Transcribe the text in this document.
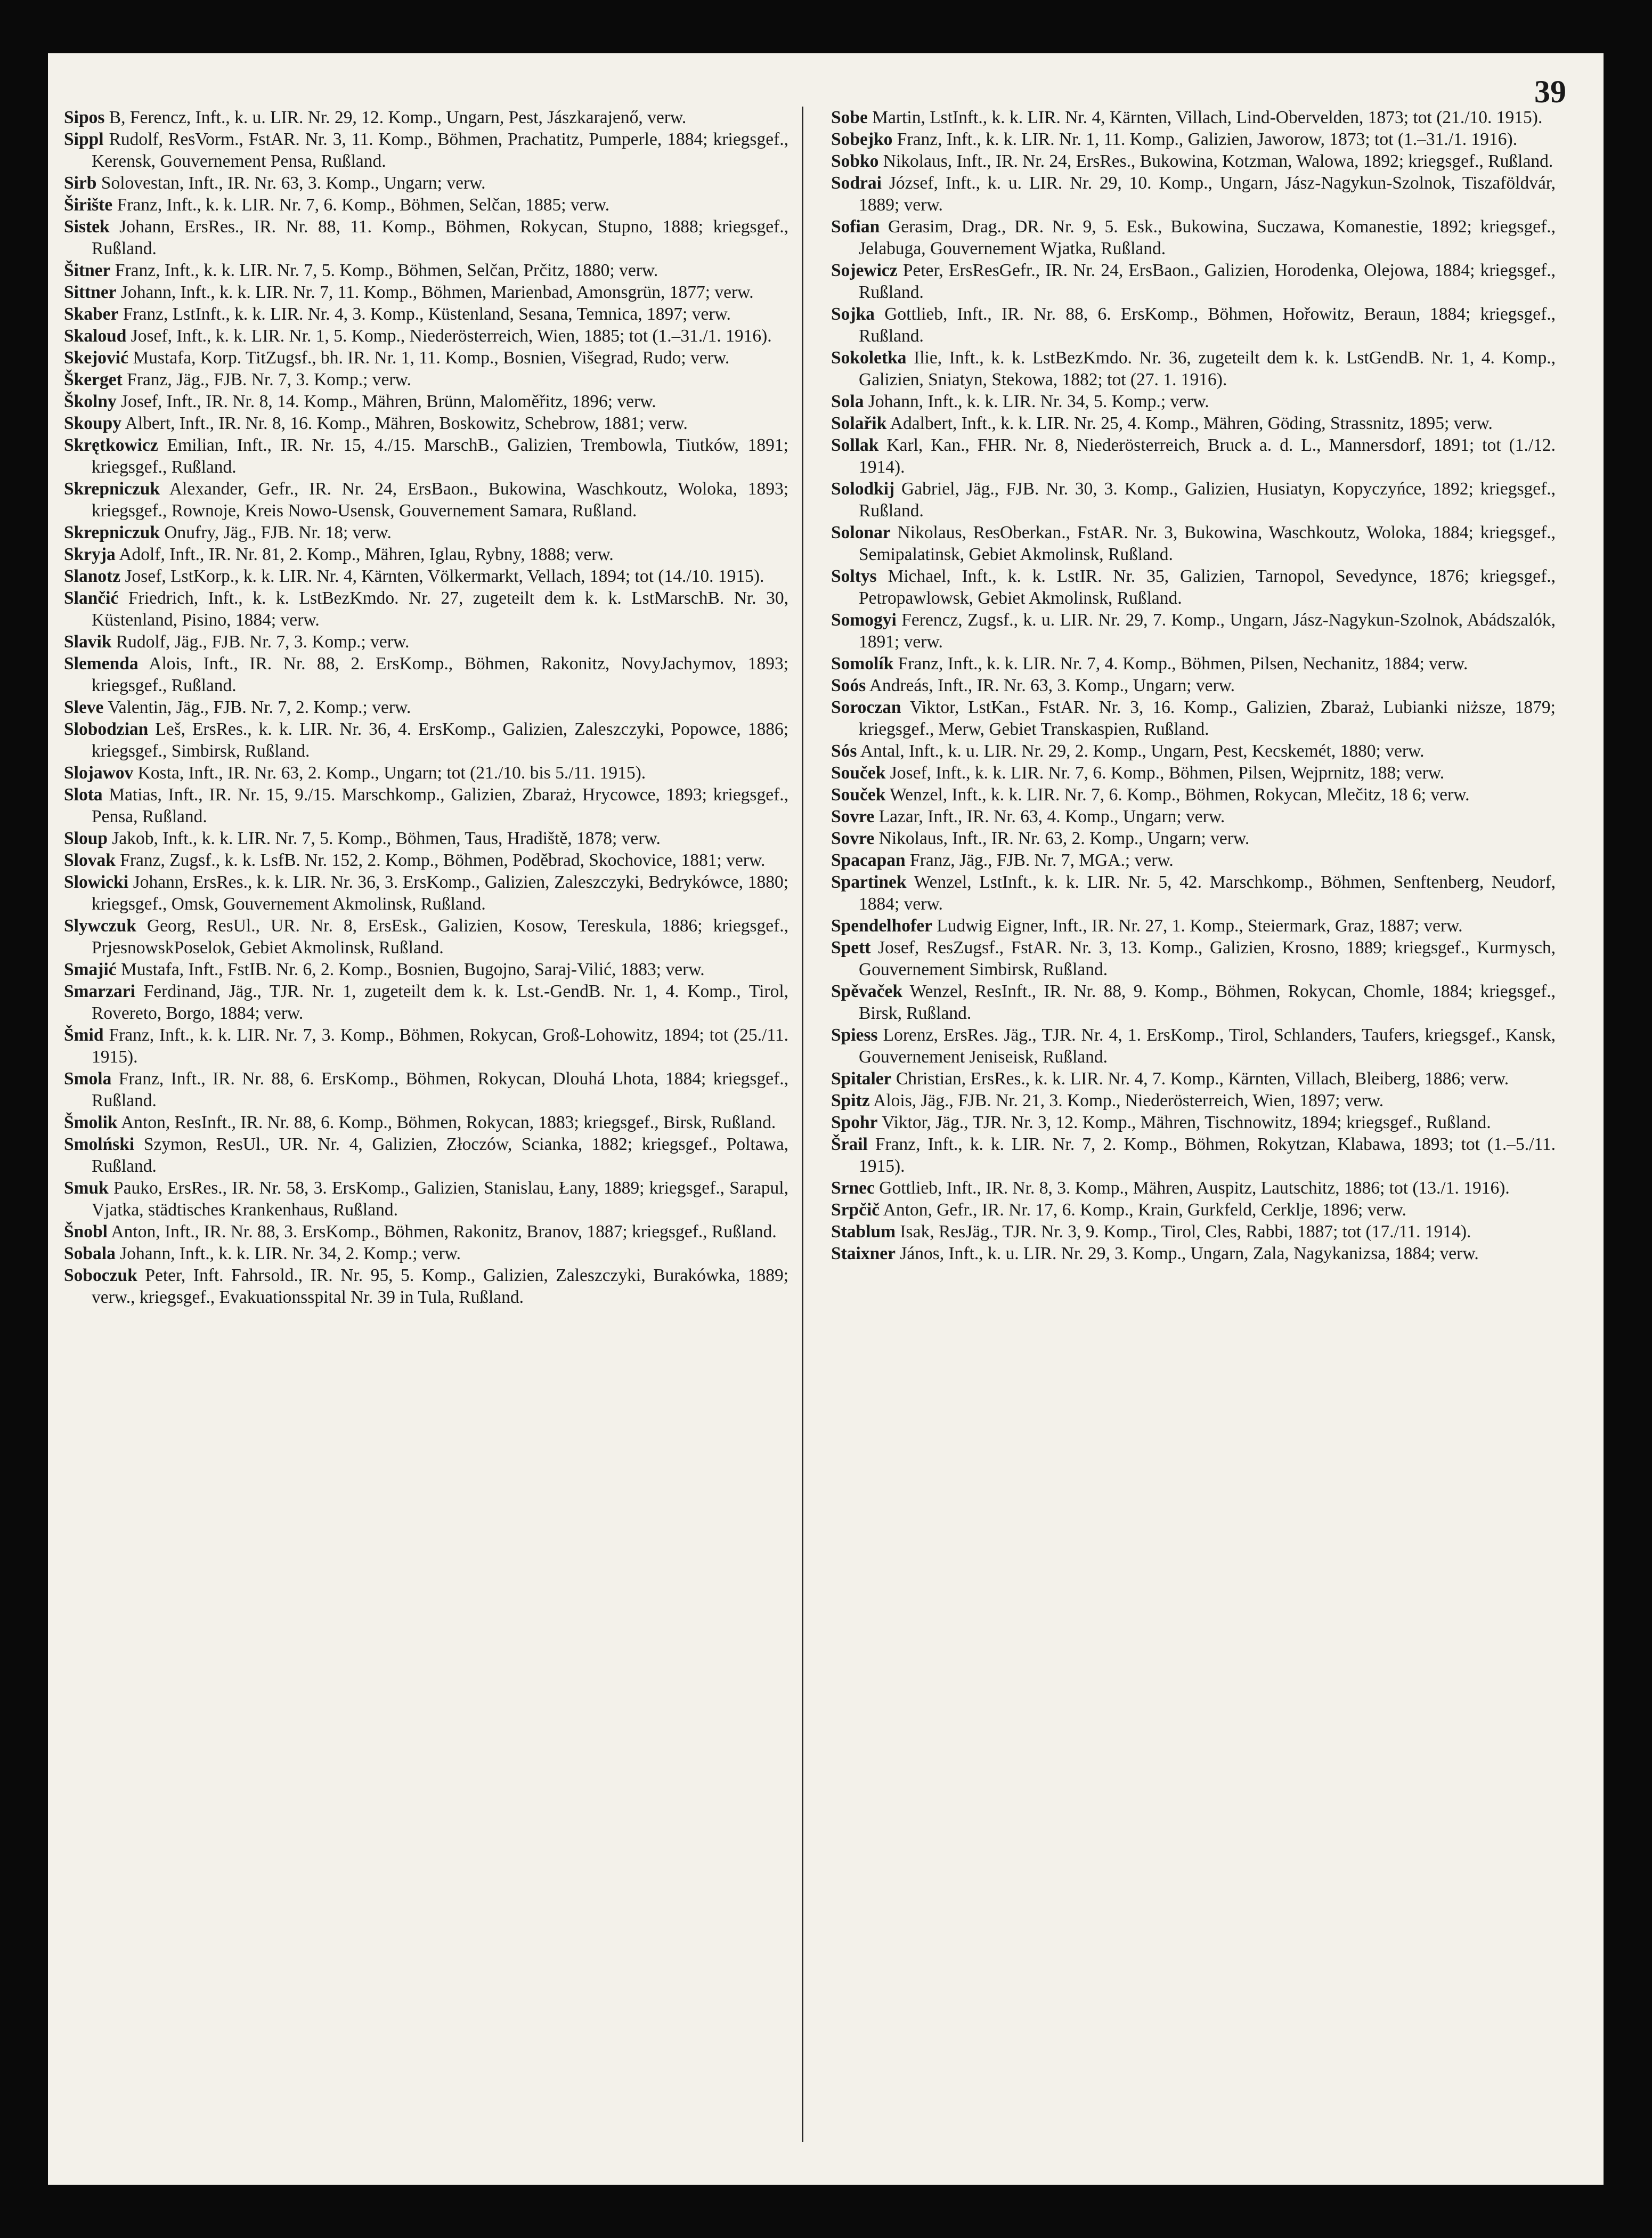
39

Sipos B, Ferencz, Inft., k. u. LIR. Nr. 29, 12. Komp., Ungarn, Pest, Jászkarajenő, verw.

Sippl Rudolf, ResVorm., FstAR. Nr. 3, 11. Komp., Böhmen, Prachatitz, Pumperle, 1884; kriegsgef., Kerensk, Gouvernement Pensa, Rußland.

Sirb Solovestan, Inft., IR. Nr. 63, 3. Komp., Ungarn; verw.

Širište Franz, Inft., k. k. LIR. Nr. 7, 6. Komp., Böhmen, Selčan, 1885; verw.

Sistek Johann, ErsRes., IR. Nr. 88, 11. Komp., Böhmen, Rokycan, Stupno, 1888; kriegsgef., Rußland.

Šitner Franz, Inft., k. k. LIR. Nr. 7, 5. Komp., Böhmen, Selčan, Prčitz, 1880; verw.

Sittner Johann, Inft., k. k. LIR. Nr. 7, 11. Komp., Böhmen, Marienbad, Amonsgrün, 1877; verw.

Skaber Franz, LstInft., k. k. LIR. Nr. 4, 3. Komp., Küstenland, Sesana, Temnica, 1897; verw.

Skaloud Josef, Inft., k. k. LIR. Nr. 1, 5. Komp., Niederösterreich, Wien, 1885; tot (1.–31./1. 1916).

Skejović Mustafa, Korp. TitZugsf., bh. IR. Nr. 1, 11. Komp., Bosnien, Višegrad, Rudo; verw.

Škerget Franz, Jäg., FJB. Nr. 7, 3. Komp.; verw.

Školny Josef, Inft., IR. Nr. 8, 14. Komp., Mähren, Brünn, Maloměřitz, 1896; verw.

Skoupy Albert, Inft., IR. Nr. 8, 16. Komp., Mähren, Boskowitz, Schebrow, 1881; verw.

Skrętkowicz Emilian, Inft., IR. Nr. 15, 4./15. MarschB., Galizien, Trembowla, Tiutków, 1891; kriegsgef., Rußland.

Skrepniczuk Alexander, Gefr., IR. Nr. 24, ErsBaon., Bukowina, Waschkoutz, Woloka, 1893; kriegsgef., Rownoje, Kreis Nowo-Usensk, Gouvernement Samara, Rußland.

Skrepniczuk Onufry, Jäg., FJB. Nr. 18; verw.

Skryja Adolf, Inft., IR. Nr. 81, 2. Komp., Mähren, Iglau, Rybny, 1888; verw.

Slanotz Josef, LstKorp., k. k. LIR. Nr. 4, Kärnten, Völkermarkt, Vellach, 1894; tot (14./10. 1915).

Slančić Friedrich, Inft., k. k. LstBezKmdo. Nr. 27, zugeteilt dem k. k. LstMarschB. Nr. 30, Küstenland, Pisino, 1884; verw.

Slavik Rudolf, Jäg., FJB. Nr. 7, 3. Komp.; verw.

Slemenda Alois, Inft., IR. Nr. 88, 2. ErsKomp., Böhmen, Rakonitz, NovyJachymov, 1893; kriegsgef., Rußland.

Sleve Valentin, Jäg., FJB. Nr. 7, 2. Komp.; verw.

Slobodzian Leš, ErsRes., k. k. LIR. Nr. 36, 4. ErsKomp., Galizien, Zaleszczyki, Popowce, 1886; kriegsgef., Simbirsk, Rußland.

Slojawov Kosta, Inft., IR. Nr. 63, 2. Komp., Ungarn; tot (21./10. bis 5./11. 1915).

Slota Matias, Inft., IR. Nr. 15, 9./15. Marschkomp., Galizien, Zbaraż, Hrycowce, 1893; kriegsgef., Pensa, Rußland.

Sloup Jakob, Inft., k. k. LIR. Nr. 7, 5. Komp., Böhmen, Taus, Hradiště, 1878; verw.

Slovak Franz, Zugsf., k. k. LsfB. Nr. 152, 2. Komp., Böhmen, Poděbrad, Skochovice, 1881; verw.

Slowicki Johann, ErsRes., k. k. LIR. Nr. 36, 3. ErsKomp., Galizien, Zaleszczyki, Bedrykówce, 1880; kriegsgef., Omsk, Gouvernement Akmolinsk, Rußland.

Slywczuk Georg, ResUl., UR. Nr. 8, ErsEsk., Galizien, Kosow, Tereskula, 1886; kriegsgef., PrjesnowskPoselok, Gebiet Akmolinsk, Rußland.

Smajić Mustafa, Inft., FstIB. Nr. 6, 2. Komp., Bosnien, Bugojno, Saraj-Vilić, 1883; verw.

Smarzari Ferdinand, Jäg., TJR. Nr. 1, zugeteilt dem k. k. Lst.-GendB. Nr. 1, 4. Komp., Tirol, Rovereto, Borgo, 1884; verw.

Šmid Franz, Inft., k. k. LIR. Nr. 7, 3. Komp., Böhmen, Rokycan, Groß-Lohowitz, 1894; tot (25./11. 1915).

Smola Franz, Inft., IR. Nr. 88, 6. ErsKomp., Böhmen, Rokycan, Dlouhá Lhota, 1884; kriegsgef., Rußland.

Šmolik Anton, ResInft., IR. Nr. 88, 6. Komp., Böhmen, Rokycan, 1883; kriegsgef., Birsk, Rußland.

Smolński Szymon, ResUl., UR. Nr. 4, Galizien, Złoczów, Scianka, 1882; kriegsgef., Poltawa, Rußland.

Smuk Pauko, ErsRes., IR. Nr. 58, 3. ErsKomp., Galizien, Stanislau, Łany, 1889; kriegsgef., Sarapul, Vjatka, städtisches Krankenhaus, Rußland.

Šnobl Anton, Inft., IR. Nr. 88, 3. ErsKomp., Böhmen, Rakonitz, Branov, 1887; kriegsgef., Rußland.

Sobala Johann, Inft., k. k. LIR. Nr. 34, 2. Komp.; verw.

Soboczuk Peter, Inft. Fahrsold., IR. Nr. 95, 5. Komp., Galizien, Zaleszczyki, Burakówka, 1889; verw., kriegsgef., Evakuationsspital Nr. 39 in Tula, Rußland.

Sobe Martin, LstInft., k. k. LIR. Nr. 4, Kärnten, Villach, Lind-Obervelden, 1873; tot (21./10. 1915).

Sobejko Franz, Inft., k. k. LIR. Nr. 1, 11. Komp., Galizien, Jaworow, 1873; tot (1.–31./1. 1916).

Sobko Nikolaus, Inft., IR. Nr. 24, ErsRes., Bukowina, Kotzman, Walowa, 1892; kriegsgef., Rußland.

Sodrai József, Inft., k. u. LIR. Nr. 29, 10. Komp., Ungarn, Jász-Nagykun-Szolnok, Tiszaföldvár, 1889; verw.

Sofian Gerasim, Drag., DR. Nr. 9, 5. Esk., Bukowina, Suczawa, Komanestie, 1892; kriegsgef., Jelabuga, Gouvernement Wjatka, Rußland.

Sojewicz Peter, ErsResGefr., IR. Nr. 24, ErsBaon., Galizien, Horodenka, Olejowa, 1884; kriegsgef., Rußland.

Sojka Gottlieb, Inft., IR. Nr. 88, 6. ErsKomp., Böhmen, Hořowitz, Beraun, 1884; kriegsgef., Rußland.

Sokoletka Ilie, Inft., k. k. LstBezKmdo. Nr. 36, zugeteilt dem k. k. LstGendB. Nr. 1, 4. Komp., Galizien, Sniatyn, Stekowa, 1882; tot (27. 1. 1916).

Sola Johann, Inft., k. k. LIR. Nr. 34, 5. Komp.; verw.

Solařik Adalbert, Inft., k. k. LIR. Nr. 25, 4. Komp., Mähren, Göding, Strassnitz, 1895; verw.

Sollak Karl, Kan., FHR. Nr. 8, Niederösterreich, Bruck a. d. L., Mannersdorf, 1891; tot (1./12. 1914).

Solodkij Gabriel, Jäg., FJB. Nr. 30, 3. Komp., Galizien, Husiatyn, Kopyczyńce, 1892; kriegsgef., Rußland.

Solonar Nikolaus, ResOberkan., FstAR. Nr. 3, Bukowina, Waschkoutz, Woloka, 1884; kriegsgef., Semipalatinsk, Gebiet Akmolinsk, Rußland.

Soltys Michael, Inft., k. k. LstIR. Nr. 35, Galizien, Tarnopol, Sevedynce, 1876; kriegsgef., Petropawlowsk, Gebiet Akmolinsk, Rußland.

Somogyi Ferencz, Zugsf., k. u. LIR. Nr. 29, 7. Komp., Ungarn, Jász-Nagykun-Szolnok, Abádszalók, 1891; verw.

Somolík Franz, Inft., k. k. LIR. Nr. 7, 4. Komp., Böhmen, Pilsen, Nechanitz, 1884; verw.

Soós Andreás, Inft., IR. Nr. 63, 3. Komp., Ungarn; verw.

Soroczan Viktor, LstKan., FstAR. Nr. 3, 16. Komp., Galizien, Zbaraż, Lubianki niższe, 1879; kriegsgef., Merw, Gebiet Transkaspien, Rußland.

Sós Antal, Inft., k. u. LIR. Nr. 29, 2. Komp., Ungarn, Pest, Kecskemét, 1880; verw.

Souček Josef, Inft., k. k. LIR. Nr. 7, 6. Komp., Böhmen, Pilsen, Wejprnitz, 188; verw.

Souček Wenzel, Inft., k. k. LIR. Nr. 7, 6. Komp., Böhmen, Rokycan, Mlečitz, 18 6; verw.

Sovre Lazar, Inft., IR. Nr. 63, 4. Komp., Ungarn; verw.

Sovre Nikolaus, Inft., IR. Nr. 63, 2. Komp., Ungarn; verw.

Spacapan Franz, Jäg., FJB. Nr. 7, MGA.; verw.

Spartinek Wenzel, LstInft., k. k. LIR. Nr. 5, 42. Marschkomp., Böhmen, Senftenberg, Neudorf, 1884; verw.

Spendelhofer Ludwig Eigner, Inft., IR. Nr. 27, 1. Komp., Steiermark, Graz, 1887; verw.

Spett Josef, ResZugsf., FstAR. Nr. 3, 13. Komp., Galizien, Krosno, 1889; kriegsgef., Kurmysch, Gouvernement Simbirsk, Rußland.

Spěvaček Wenzel, ResInft., IR. Nr. 88, 9. Komp., Böhmen, Rokycan, Chomle, 1884; kriegsgef., Birsk, Rußland.

Spiess Lorenz, ErsRes. Jäg., TJR. Nr. 4, 1. ErsKomp., Tirol, Schlanders, Taufers, kriegsgef., Kansk, Gouvernement Jeniseisk, Rußland.

Spitaler Christian, ErsRes., k. k. LIR. Nr. 4, 7. Komp., Kärnten, Villach, Bleiberg, 1886; verw.

Spitz Alois, Jäg., FJB. Nr. 21, 3. Komp., Niederösterreich, Wien, 1897; verw.

Spohr Viktor, Jäg., TJR. Nr. 3, 12. Komp., Mähren, Tischnowitz, 1894; kriegsgef., Rußland.

Šrail Franz, Inft., k. k. LIR. Nr. 7, 2. Komp., Böhmen, Rokytzan, Klabawa, 1893; tot (1.–5./11. 1915).

Srnec Gottlieb, Inft., IR. Nr. 8, 3. Komp., Mähren, Auspitz, Lautschitz, 1886; tot (13./1. 1916).

Srpčič Anton, Gefr., IR. Nr. 17, 6. Komp., Krain, Gurkfeld, Cerklje, 1896; verw.

Stablum Isak, ResJäg., TJR. Nr. 3, 9. Komp., Tirol, Cles, Rabbi, 1887; tot (17./11. 1914).

Staixner János, Inft., k. u. LIR. Nr. 29, 3. Komp., Ungarn, Zala, Nagykanizsa, 1884; verw.
